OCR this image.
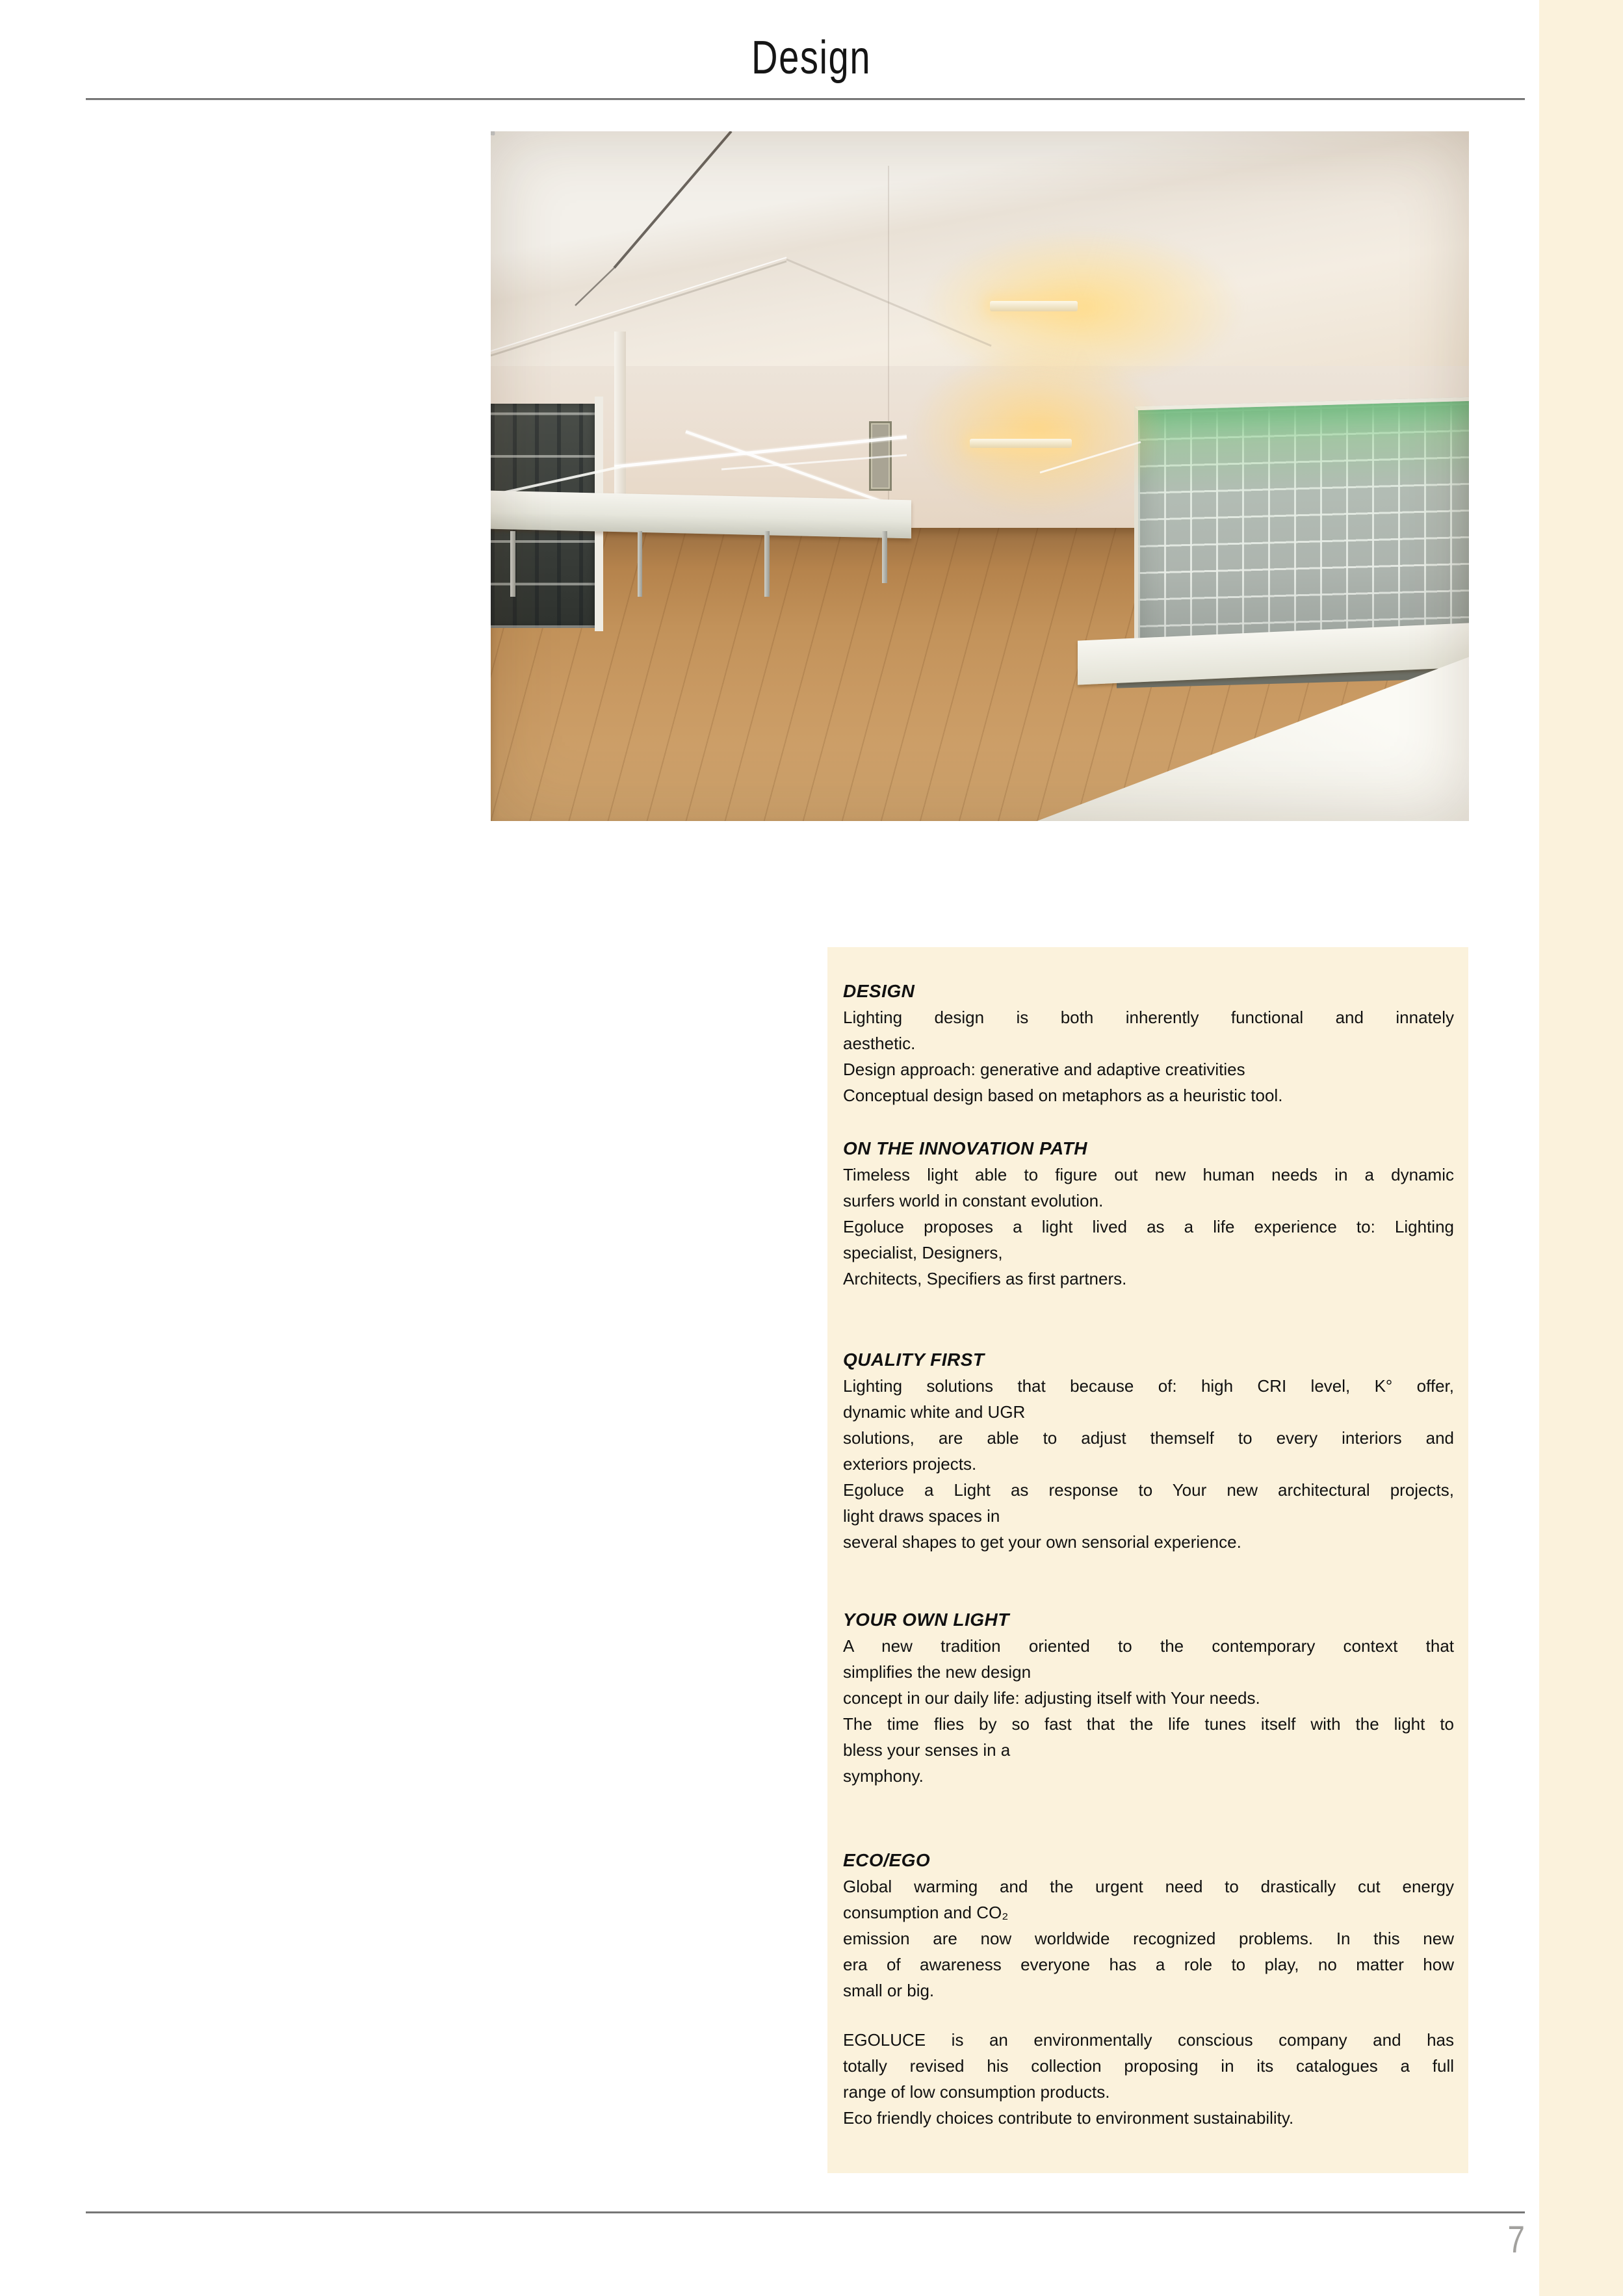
Design
DESIGN
Lighting design is both inherently functional and innately
aesthetic.
Design approach: generative and adaptive creativities
Conceptual design based on metaphors as a heuristic tool.
ON THE INNOVATION PATH
Timeless light able to figure out new human needs in a dynamic
surfers world in constant evolution.
Egoluce proposes a light lived as a life experience to: Lighting
specialist, Designers,
Architects, Specifiers as first partners.
QUALITY FIRST
Lighting solutions that because of: high CRI level, K° offer,
dynamic white and UGR
solutions, are able to adjust themself to every interiors and
exteriors projects.
Egoluce a Light as response to Your new architectural projects,
light draws spaces in
several shapes to get your own sensorial experience.
YOUR OWN LIGHT
A new tradition oriented to the contemporary context that
simplifies the new design
concept in our daily life: adjusting itself with Your needs.
The time flies by so fast that the life tunes itself with the light to
bless your senses in a
symphony.
ECO/EGO
Global warming and the urgent need to drastically cut energy
consumption and CO₂
emission are now worldwide recognized problems. In this new
era of awareness everyone has a role to play, no matter how
small or big.
EGOLUCE is an environmentally conscious company and has
totally revised his collection proposing in its catalogues a full
range of low consumption products.
Eco friendly choices contribute to environment sustainability.
7
